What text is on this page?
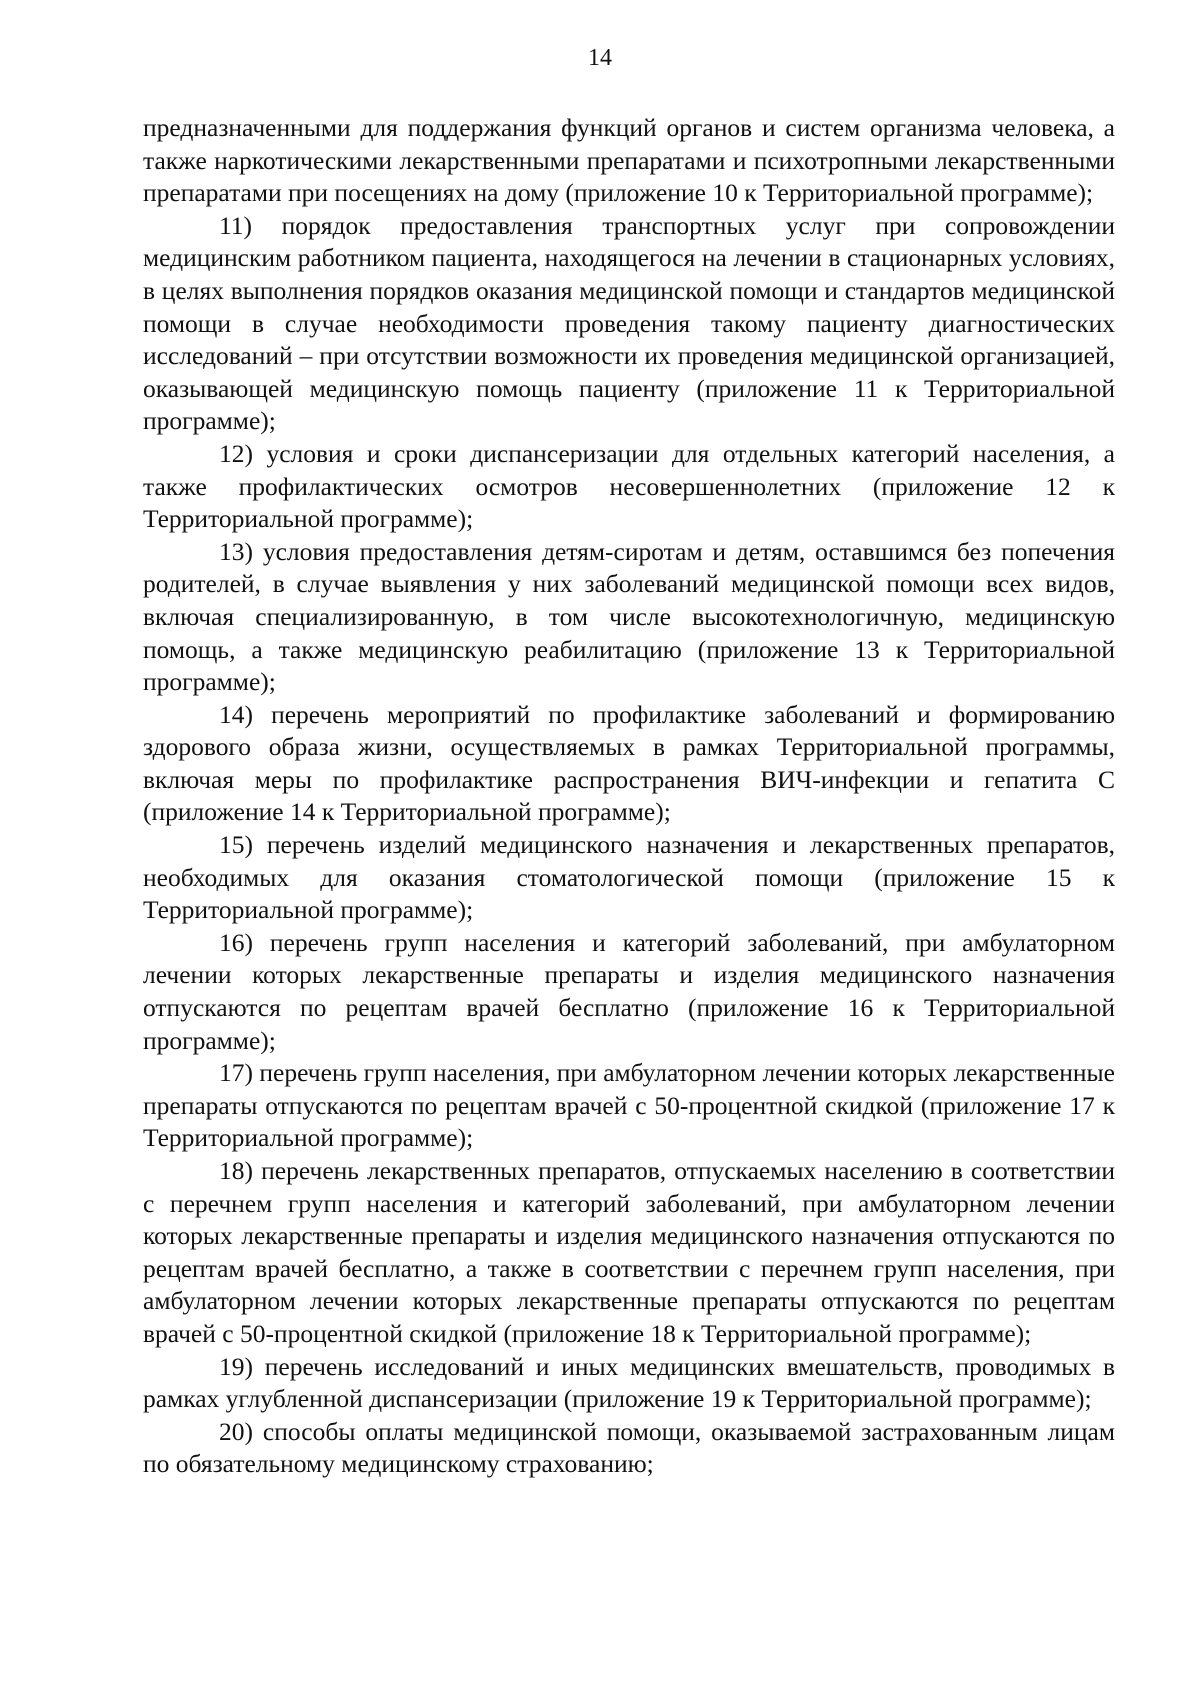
14

предназначенными для поддержания функций органов и систем организма человека, а также наркотическими лекарственными препаратами и психотропными лекарственными препаратами при посещениях на дому (приложение 10 к Территориальной программе);

11) порядок предоставления транспортных услуг при сопровождении медицинским работником пациента, находящегося на лечении в стационарных условиях, в целях выполнения порядков оказания медицинской помощи и стандартов медицинской помощи в случае необходимости проведения такому пациенту диагностических исследований – при отсутствии возможности их проведения медицинской организацией, оказывающей медицинскую помощь пациенту (приложение 11 к Территориальной программе);

12) условия и сроки диспансеризации для отдельных категорий населения, а также профилактических осмотров несовершеннолетних (приложение 12 к Территориальной программе);

13) условия предоставления детям-сиротам и детям, оставшимся без попечения родителей, в случае выявления у них заболеваний медицинской помощи всех видов, включая специализированную, в том числе высокотехнологичную, медицинскую помощь, а также медицинскую реабилитацию (приложение 13 к Территориальной программе);

14) перечень мероприятий по профилактике заболеваний и формированию здорового образа жизни, осуществляемых в рамках Территориальной программы, включая меры по профилактике распространения ВИЧ-инфекции и гепатита С (приложение 14 к Территориальной программе);

15) перечень изделий медицинского назначения и лекарственных препаратов, необходимых для оказания стоматологической помощи (приложение 15 к Территориальной программе);

16) перечень групп населения и категорий заболеваний, при амбулаторном лечении которых лекарственные препараты и изделия медицинского назначения отпускаются по рецептам врачей бесплатно (приложение 16 к Территориальной программе);

17) перечень групп населения, при амбулаторном лечении которых лекарственные препараты отпускаются по рецептам врачей с 50-процентной скидкой (приложение 17 к Территориальной программе);

18) перечень лекарственных препаратов, отпускаемых населению в соответствии с перечнем групп населения и категорий заболеваний, при амбулаторном лечении которых лекарственные препараты и изделия медицинского назначения отпускаются по рецептам врачей бесплатно, а также в соответствии с перечнем групп населения, при амбулаторном лечении которых лекарственные препараты отпускаются по рецептам врачей с 50-процентной скидкой (приложение 18 к Территориальной программе);

19) перечень исследований и иных медицинских вмешательств, проводимых в рамках углубленной диспансеризации (приложение 19 к Территориальной программе);

20) способы оплаты медицинской помощи, оказываемой застрахованным лицам по обязательному медицинскому страхованию;
